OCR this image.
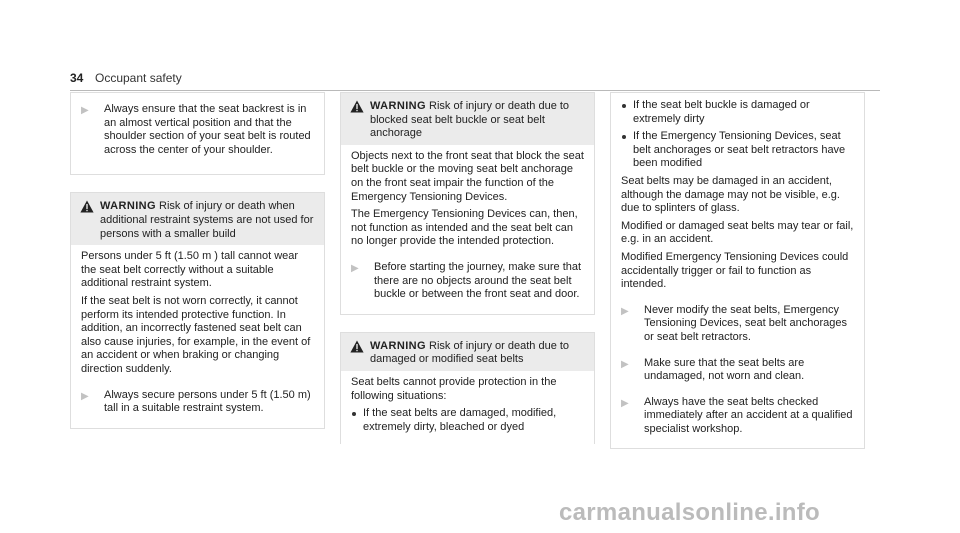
34 Occupant safety
▶ Always ensure that the seat backrest is in an almost vertical position and that the shoulder section of your seat belt is routed across the center of your shoulder.
WARNING Risk of injury or death when additional restraint systems are not used for persons with a smaller build

Persons under 5 ft (1.50 m ) tall cannot wear the seat belt correctly without a suitable additional restraint system.

If the seat belt is not worn correctly, it cannot perform its intended protective function. In addition, an incorrectly fastened seat belt can also cause injuries, for example, in the event of an accident or when braking or changing direction suddenly.

▶ Always secure persons under 5 ft (1.50 m) tall in a suitable restraint system.
WARNING Risk of injury or death due to blocked seat belt buckle or seat belt anchorage

Objects next to the front seat that block the seat belt buckle or the moving seat belt anchorage on the front seat impair the function of the Emergency Tensioning Devices.

The Emergency Tensioning Devices can, then, not function as intended and the seat belt can no longer provide the intended protection.

▶ Before starting the journey, make sure that there are no objects around the seat belt buckle or between the front seat and door.
WARNING Risk of injury or death due to damaged or modified seat belts

Seat belts cannot provide protection in the following situations:

If the seat belts are damaged, modified, extremely dirty, bleached or dyed
If the seat belt buckle is damaged or extremely dirty
If the Emergency Tensioning Devices, seat belt anchorages or seat belt retractors have been modified

Seat belts may be damaged in an accident, although the damage may not be visible, e.g. due to splinters of glass.

Modified or damaged seat belts may tear or fail, e.g. in an accident.

Modified Emergency Tensioning Devices could accidentally trigger or fail to function as intended.

▶ Never modify the seat belts, Emergency Tensioning Devices, seat belt anchorages or seat belt retractors.
▶ Make sure that the seat belts are undamaged, not worn and clean.
▶ Always have the seat belts checked immediately after an accident at a qualified specialist workshop.
carmanualsonline.info
